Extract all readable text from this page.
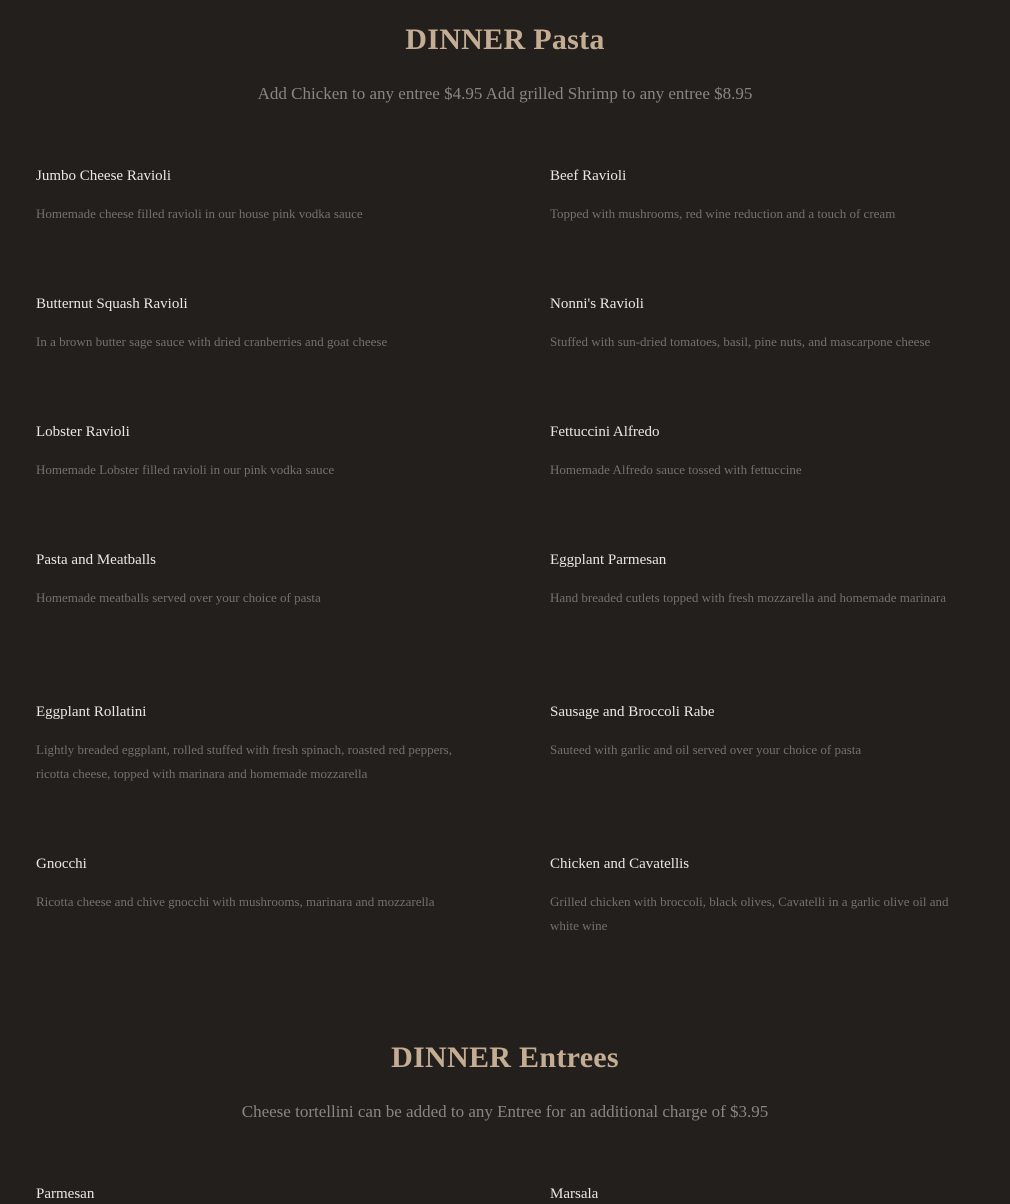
DINNER Pasta

Add Chicken to any entree $4.95 Add grilled Shrimp to any entree $8.95

Jumbo Cheese Ravioli
Homemade cheese filled ravioli in our house pink vodka sauce
Beef Ravioli
Topped with mushrooms, red wine reduction and a touch of cream
Butternut Squash Ravioli
In a brown butter sage sauce with dried cranberries and goat cheese
Nonni's Ravioli
Stuffed with sun-dried tomatoes, basil, pine nuts, and mascarpone cheese
Lobster Ravioli
Homemade Lobster filled ravioli in our pink vodka sauce
Fettuccini Alfredo
Homemade Alfredo sauce tossed with fettuccine
Pasta and Meatballs
Homemade meatballs served over your choice of pasta
Eggplant Parmesan
Hand breaded cutlets topped with fresh mozzarella and homemade marinara
Eggplant Rollatini
Lightly breaded eggplant, rolled stuffed with fresh spinach, roasted red peppers, ricotta cheese, topped with marinara and homemade mozzarella
Sausage and Broccoli Rabe
Sauteed with garlic and oil served over your choice of pasta
Gnocchi
Ricotta cheese and chive gnocchi with mushrooms, marinara and mozzarella
Chicken and Cavatellis
Grilled chicken with broccoli, black olives, Cavatelli in a garlic olive oil and white wine
DINNER Entrees

Cheese tortellini can be added to any Entree for an additional charge of $3.95

Parmesan	Marsala
